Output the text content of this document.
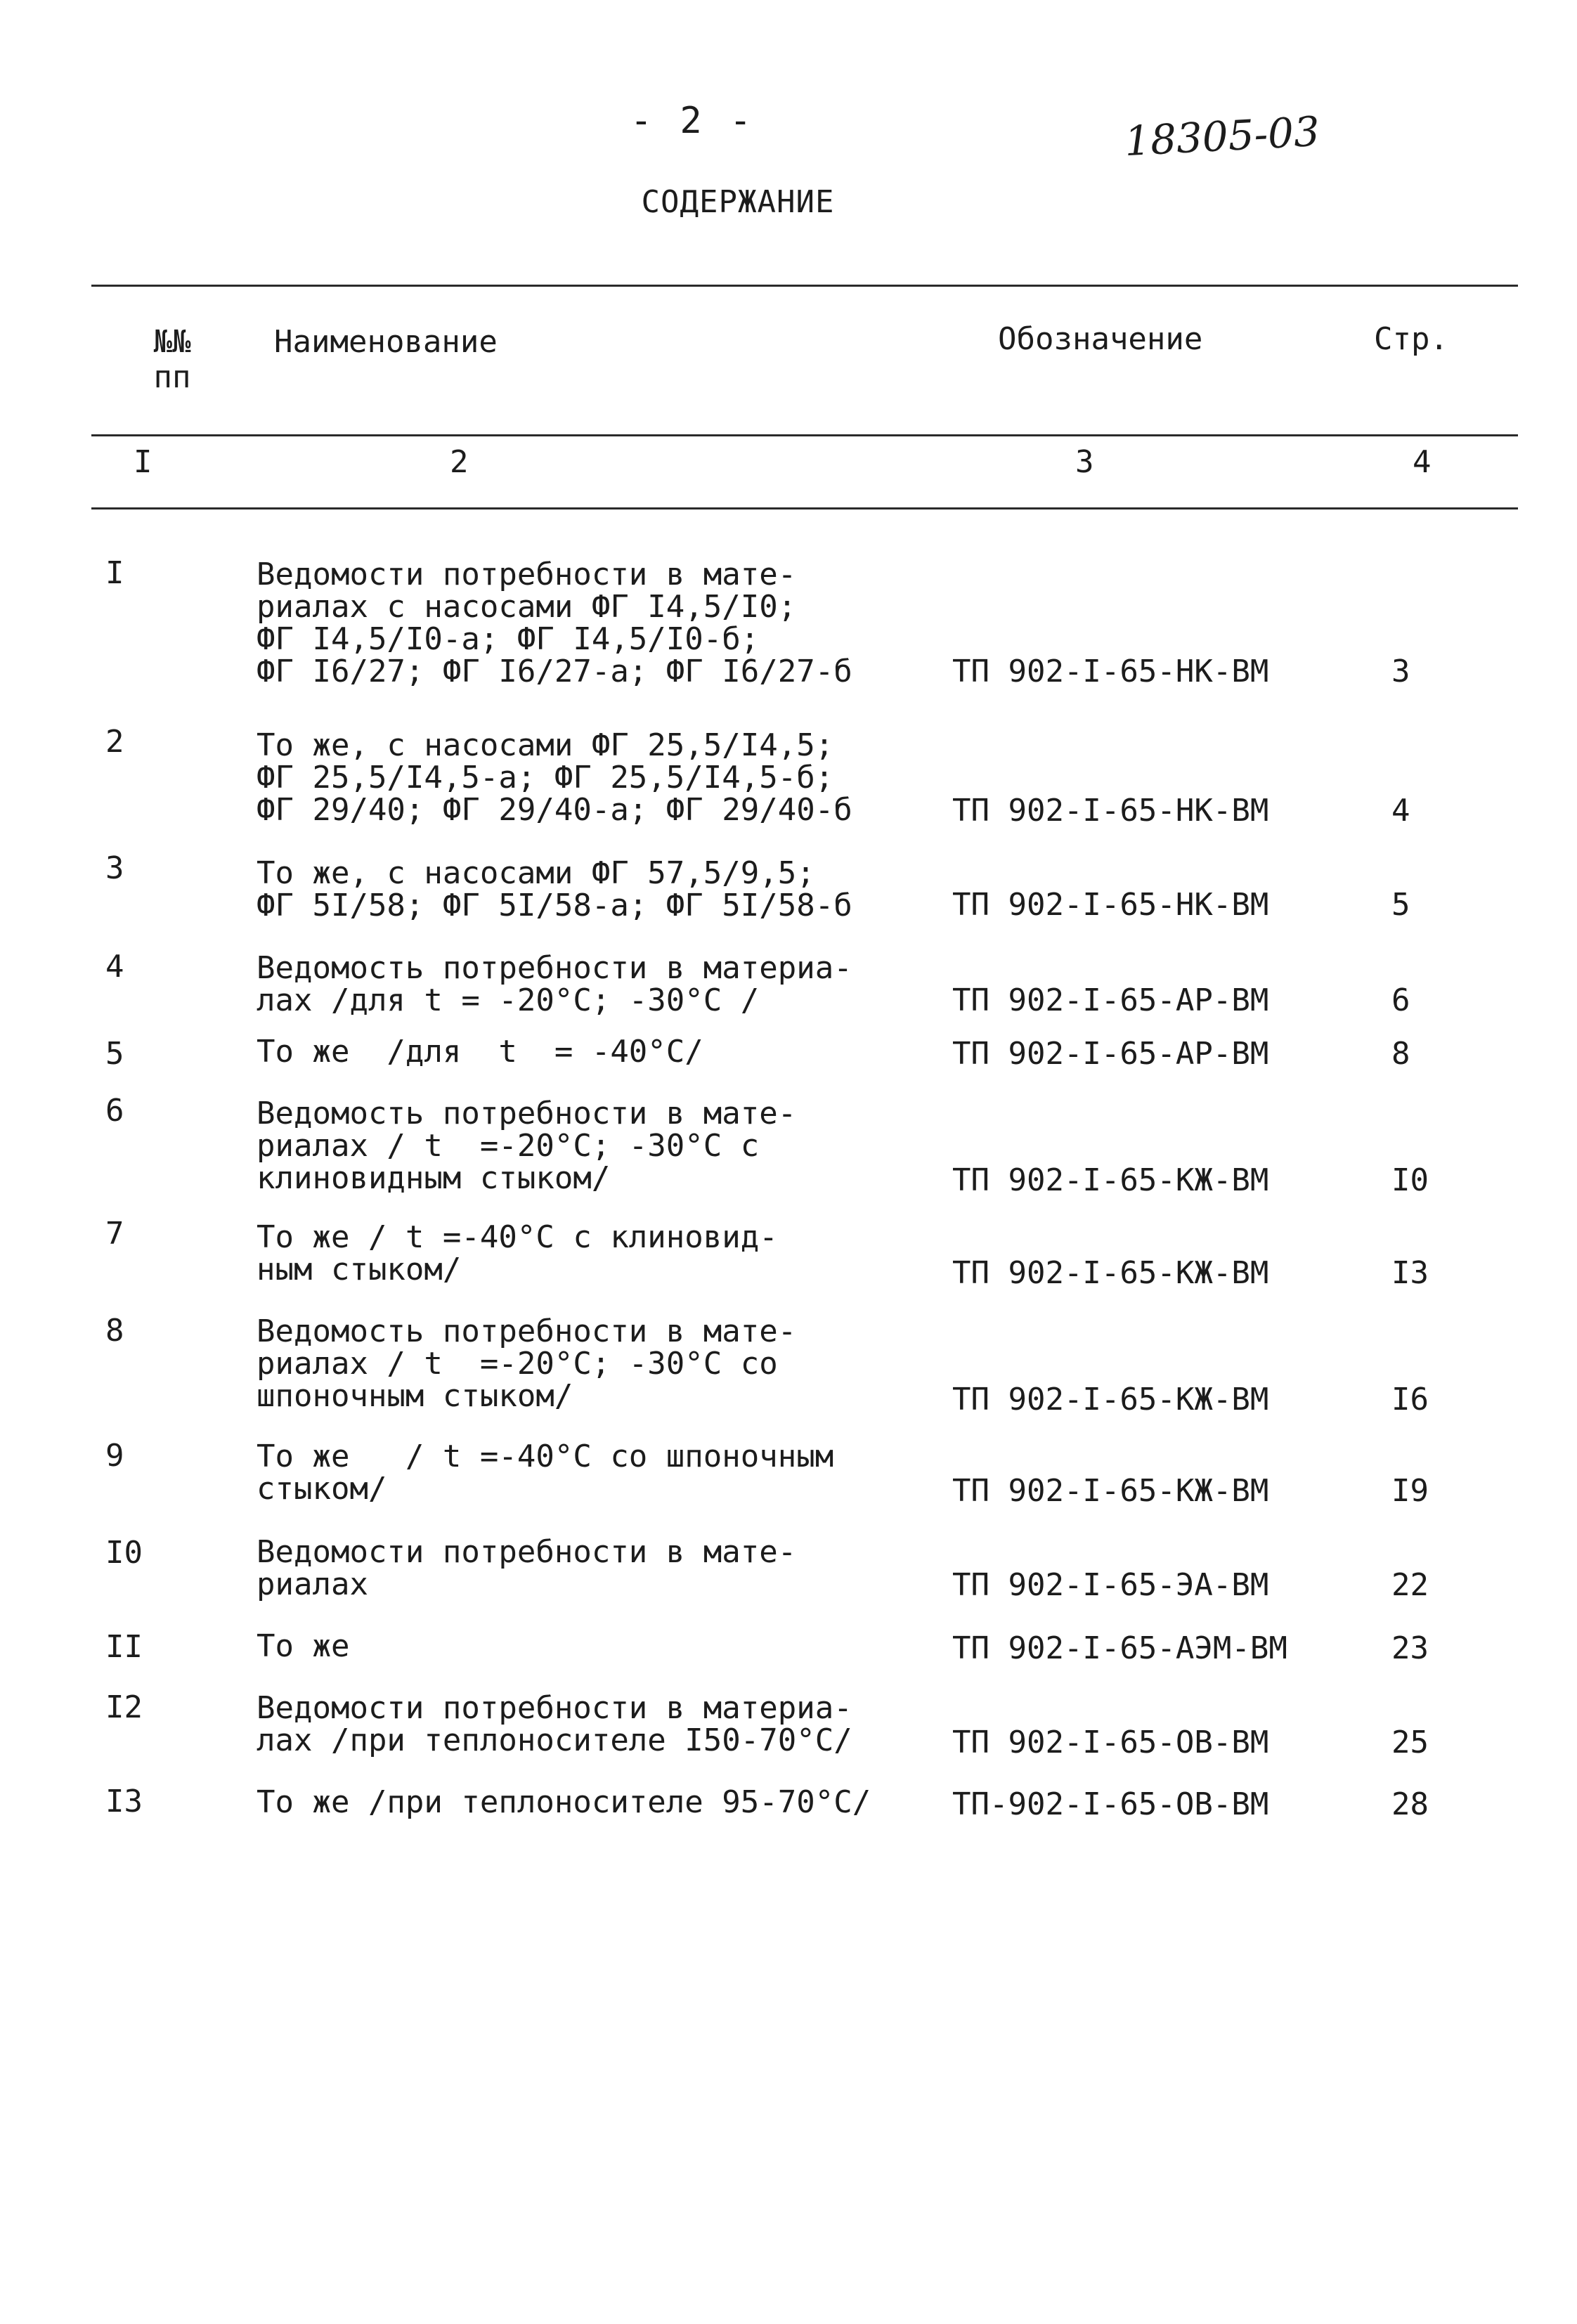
- 2 -	18305-03
СОДЕРЖАНИЕ
№№
пп
Наименование	Обозначение	Стр.
I	2	3	4
I	Ведомости потребности в мате-
риалах с насосами ФГ I4,5/I0;
ФГ I4,5/I0-а; ФГ I4,5/I0-б;
ФГ I6/27; ФГ I6/27-а; ФГ I6/27-б	ТП 902-I-65-НК-ВМ	3
2	То же, с насосами ФГ 25,5/I4,5;
ФГ 25,5/I4,5-а; ФГ 25,5/I4,5-б;
ФГ 29/40; ФГ 29/40-а; ФГ 29/40-б	ТП 902-I-65-НК-ВМ	4
3	То же, с насосами ФГ 57,5/9,5;
ФГ 5I/58; ФГ 5I/58-а; ФГ 5I/58-б	ТП 902-I-65-НК-ВМ	5
4	Ведомость потребности в материа-
лах /для t = -20°С; -30°С /	ТП 902-I-65-АР-ВМ	6
5	То же  /для  t  = -40°С/	ТП 902-I-65-АР-ВМ	8
6	Ведомость потребности в мате-
риалах / t  =-20°С; -30°С с
клиновидным стыком/	ТП 902-I-65-КЖ-ВМ	I0
7	То же / t =-40°С с клиновид-
ным стыком/	ТП 902-I-65-КЖ-ВМ	I3
8	Ведомость потребности в мате-
риалах / t  =-20°С; -30°С со
шпоночным стыком/	ТП 902-I-65-КЖ-ВМ	I6
9	То же   / t =-40°С со шпоночным
стыком/	ТП 902-I-65-КЖ-ВМ	I9
I0	Ведомости потребности в мате-
риалах	ТП 902-I-65-ЭА-ВМ	22
II	То же	ТП 902-I-65-АЭМ-ВМ	23
I2	Ведомости потребности в материа-
лах /при теплоносителе I50-70°С/	ТП 902-I-65-ОВ-ВМ	25
I3	То же /при теплоносителе 95-70°С/	ТП-902-I-65-ОВ-ВМ	28
